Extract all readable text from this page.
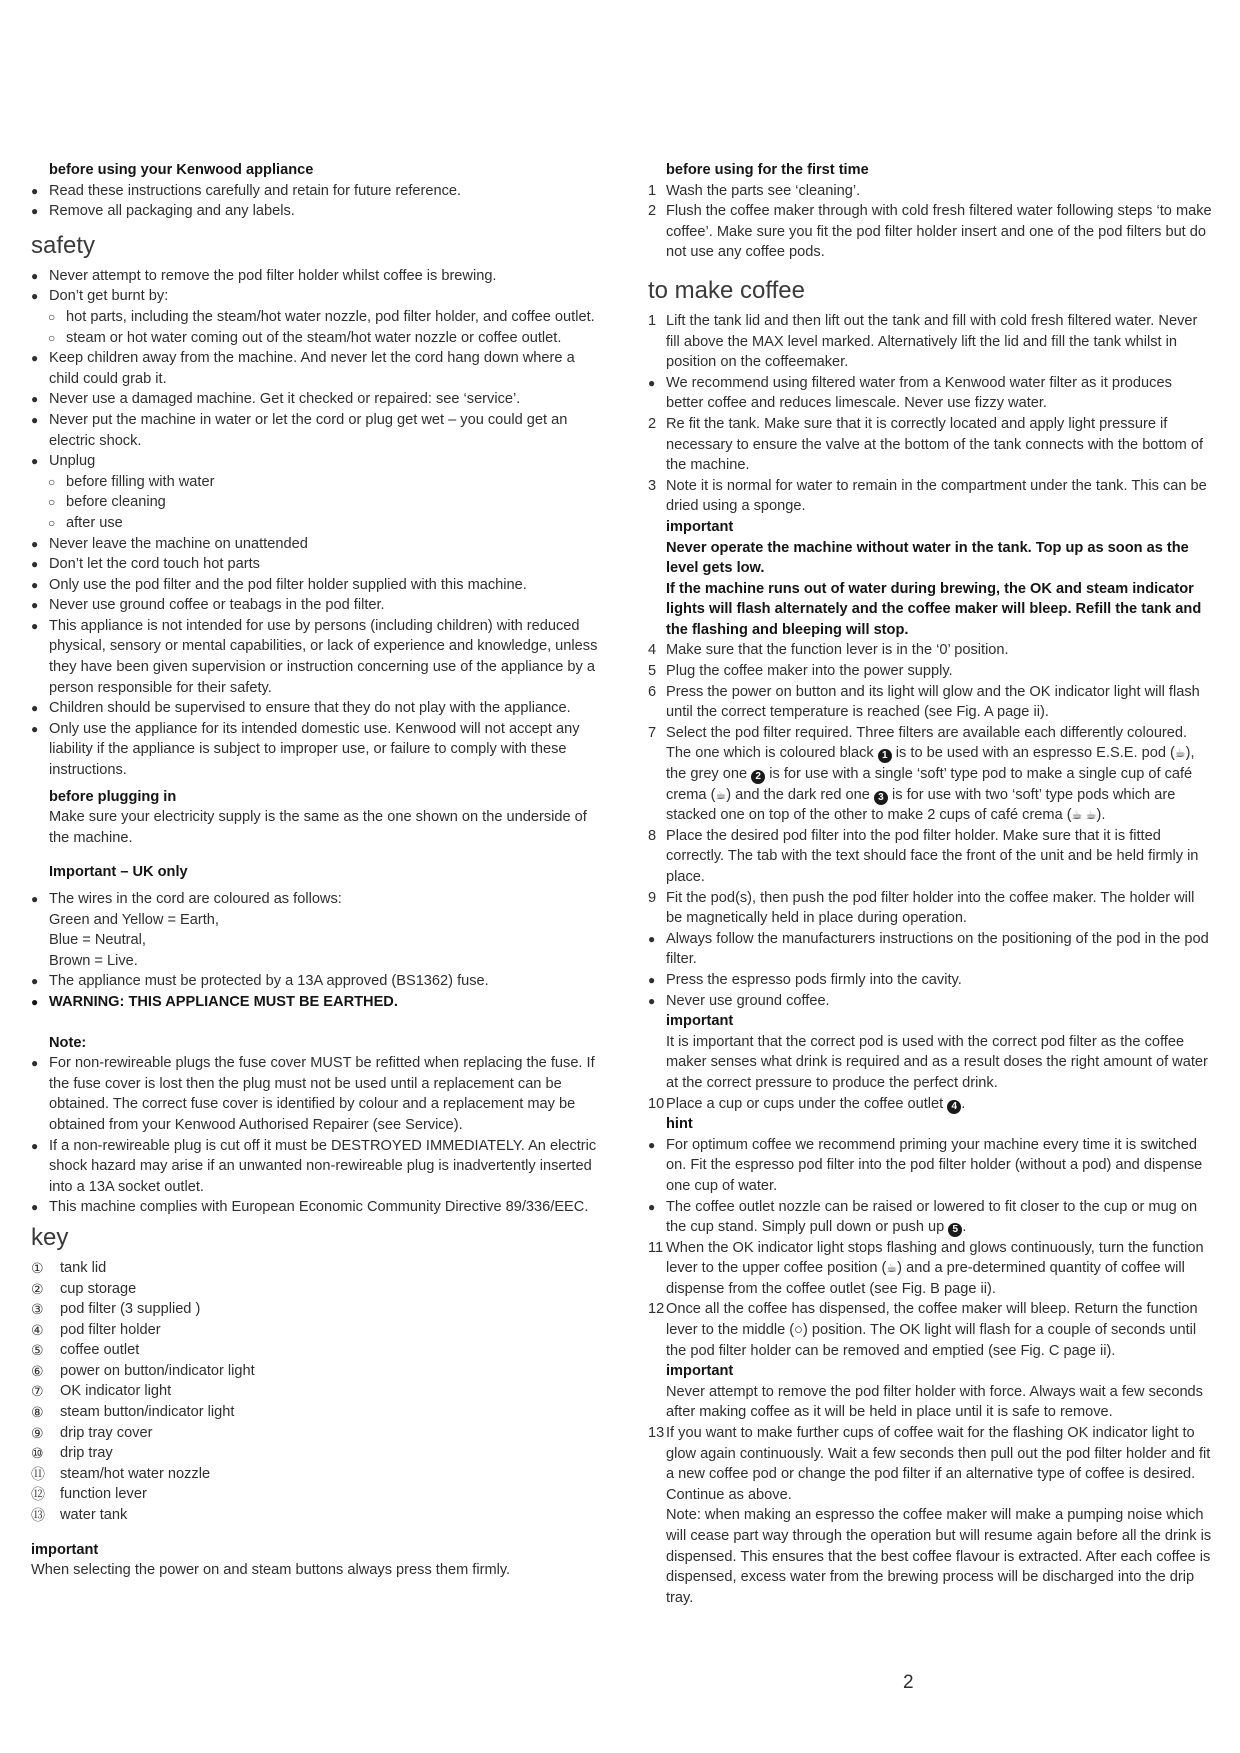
before using your Kenwood appliance
● Read these instructions carefully and retain for future reference.
● Remove all packaging and any labels.
safety
● Never attempt to remove the pod filter holder whilst coffee is brewing.
● Don’t get burnt by:
○ hot parts, including the steam/hot water nozzle, pod filter holder, and coffee outlet.
○ steam or hot water coming out of the steam/hot water nozzle or coffee outlet.
● Keep children away from the machine. And never let the cord hang down where a child could grab it.
● Never use a damaged machine. Get it checked or repaired: see ‘service’.
● Never put the machine in water or let the cord or plug get wet – you could get an electric shock.
● Unplug
○ before filling with water
○ before cleaning
○ after use
● Never leave the machine on unattended
● Don’t let the cord touch hot parts
● Only use the pod filter and the pod filter holder supplied with this machine.
● Never use ground coffee or teabags in the pod filter.
● This appliance is not intended for use by persons (including children) with reduced physical, sensory or mental capabilities, or lack of experience and knowledge, unless they have been given supervision or instruction concerning use of the appliance by a person responsible for their safety.
● Children should be supervised to ensure that they do not play with the appliance.
● Only use the appliance for its intended domestic use. Kenwood will not accept any liability if the appliance is subject to improper use, or failure to comply with these instructions.
before plugging in
Make sure your electricity supply is the same as the one shown on the underside of the machine.
Important – UK only
● The wires in the cord are coloured as follows:
Green and Yellow = Earth,
Blue = Neutral,
Brown = Live.
● The appliance must be protected by a 13A approved (BS1362) fuse.
● WARNING: THIS APPLIANCE MUST BE EARTHED.
Note:
● For non-rewireable plugs the fuse cover MUST be refitted when replacing the fuse. If the fuse cover is lost then the plug must not be used until a replacement can be obtained. The correct fuse cover is identified by colour and a replacement may be obtained from your Kenwood Authorised Repairer (see Service).
● If a non-rewireable plug is cut off it must be DESTROYED IMMEDIATELY. An electric shock hazard may arise if an unwanted non-rewireable plug is inadvertently inserted into a 13A socket outlet.
● This machine complies with European Economic Community Directive 89/336/EEC.
key
① tank lid
② cup storage
③ pod filter (3 supplied )
④ pod filter holder
⑤ coffee outlet
⑥ power on button/indicator light
⑦ OK indicator light
⑧ steam button/indicator light
⑨ drip tray cover
⑩ drip tray
⑪ steam/hot water nozzle
⑫ function lever
⑬ water tank
important
When selecting the power on and steam buttons always press them firmly.
before using for the first time
1 Wash the parts see ‘cleaning’.
2 Flush the coffee maker through with cold fresh filtered water following steps ‘to make coffee’. Make sure you fit the pod filter holder insert and one of the pod filters but do not use any coffee pods.
to make coffee
1 Lift the tank lid and then lift out the tank and fill with cold fresh filtered water. Never fill above the MAX level marked. Alternatively lift the lid and fill the tank whilst in position on the coffeemaker.
● We recommend using filtered water from a Kenwood water filter as it produces better coffee and reduces limescale. Never use fizzy water.
2 Re fit the tank. Make sure that it is correctly located and apply light pressure if necessary to ensure the valve at the bottom of the tank connects with the bottom of the machine.
3 Note it is normal for water to remain in the compartment under the tank. This can be dried using a sponge.
important
Never operate the machine without water in the tank. Top up as soon as the level gets low.
If the machine runs out of water during brewing, the OK and steam indicator lights will flash alternately and the coffee maker will bleep. Refill the tank and the flashing and bleeping will stop.
4 Make sure that the function lever is in the ‘0’ position.
5 Plug the coffee maker into the power supply.
6 Press the power on button and its light will glow and the OK indicator light will flash until the correct temperature is reached (see Fig. A page ii).
7 Select the pod filter required. Three filters are available each differently coloured. The one which is coloured black 1 is to be used with an espresso E.S.E. pod (☕), the grey one 2 is for use with a single ‘soft’ type pod to make a single cup of café crema (☕) and the dark red one 3 is for use with two ‘soft’ type pods which are stacked one on top of the other to make 2 cups of café crema (☕ ☕).
8 Place the desired pod filter into the pod filter holder. Make sure that it is fitted correctly. The tab with the text should face the front of the unit and be held firmly in place.
9 Fit the pod(s), then push the pod filter holder into the coffee maker. The holder will be magnetically held in place during operation.
● Always follow the manufacturers instructions on the positioning of the pod in the pod filter.
● Press the espresso pods firmly into the cavity.
● Never use ground coffee.
important
It is important that the correct pod is used with the correct pod filter as the coffee maker senses what drink is required and as a result doses the right amount of water at the correct pressure to produce the perfect drink.
10 Place a cup or cups under the coffee outlet 4 .
hint
● For optimum coffee we recommend priming your machine every time it is switched on. Fit the espresso pod filter into the pod filter holder (without a pod) and dispense one cup of water.
● The coffee outlet nozzle can be raised or lowered to fit closer to the cup or mug on the cup stand. Simply pull down or push up 5 .
11 When the OK indicator light stops flashing and glows continuously, turn the function lever to the upper coffee position (☕) and a pre-determined quantity of coffee will dispense from the coffee outlet (see Fig. B page ii).
12 Once all the coffee has dispensed, the coffee maker will bleep. Return the function lever to the middle (○) position. The OK light will flash for a couple of seconds until the pod filter holder can be removed and emptied (see Fig. C page ii).
important
Never attempt to remove the pod filter holder with force. Always wait a few seconds after making coffee as it will be held in place until it is safe to remove.
13 If you want to make further cups of coffee wait for the flashing OK indicator light to glow again continuously. Wait a few seconds then pull out the pod filter holder and fit a new coffee pod or change the pod filter if an alternative type of coffee is desired. Continue as above.
Note: when making an espresso the coffee maker will make a pumping noise which will cease part way through the operation but will resume again before all the drink is dispensed. This ensures that the best coffee flavour is extracted. After each coffee is dispensed, excess water from the brewing process will be discharged into the drip tray.
2
